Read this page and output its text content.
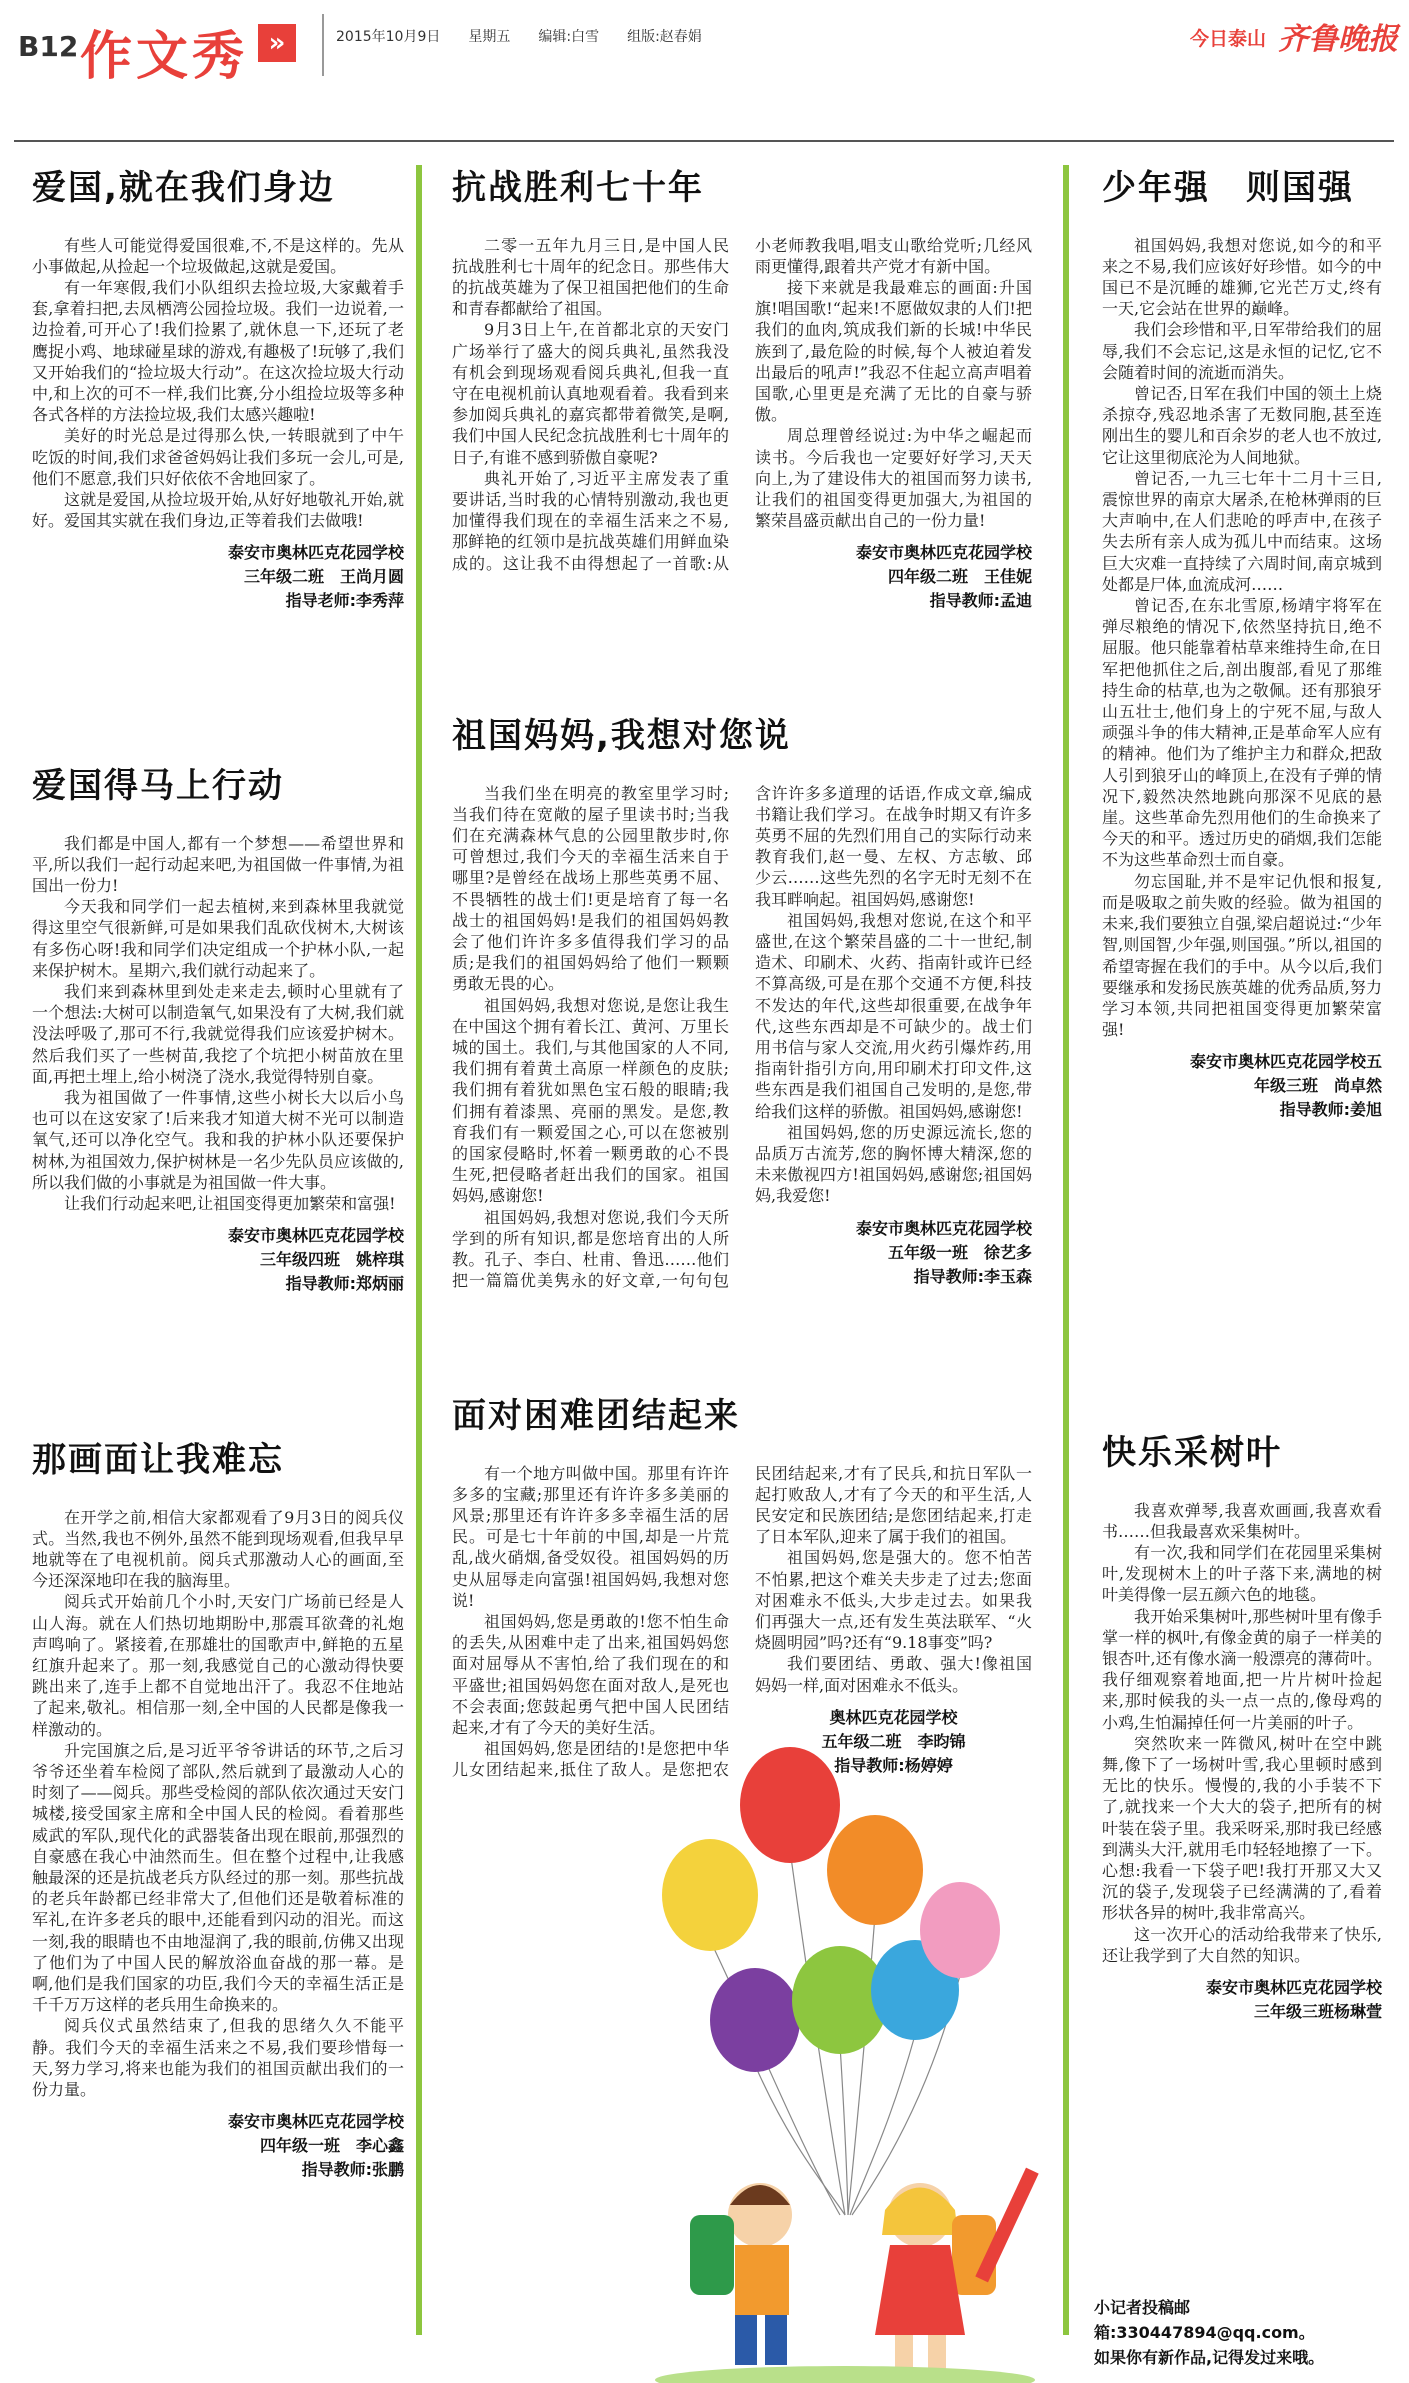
B12 作文秀 »	2015年10月9日　　 星期五　　 编辑:白雪　　 组版:赵春娟	今日泰山 齐鲁晚报
爱国,就在我们身边

有些人可能觉得爱国很难,不,不是这样的。先从小事做起,从捡起一个垃圾做起,这就是爱国。

有一年寒假,我们小队组织去捡垃圾,大家戴着手套,拿着扫把,去凤栖湾公园捡垃圾。我们一边说着,一边捡着,可开心了!我们捡累了,就休息一下,还玩了老鹰捉小鸡、地球碰星球的游戏,有趣极了!玩够了,我们又开始我们的“捡垃圾大行动”。在这次捡垃圾大行动中,和上次的可不一样,我们比赛,分小组捡垃圾等多种各式各样的方法捡垃圾,我们太感兴趣啦!

美好的时光总是过得那么快,一转眼就到了中午吃饭的时间,我们求爸爸妈妈让我们多玩一会儿,可是,他们不愿意,我们只好依依不舍地回家了。

这就是爱国,从捡垃圾开始,从好好地敬礼开始,就好。爱国其实就在我们身边,正等着我们去做哦!

泰安市奥林匹克花园学校
三年级二班　王尚月圆
指导老师:李秀萍
爱国得马上行动

我们都是中国人,都有一个梦想——希望世界和平,所以我们一起行动起来吧,为祖国做一件事情,为祖国出一份力!

今天我和同学们一起去植树,来到森林里我就觉得这里空气很新鲜,可是如果我们乱砍伐树木,大树该有多伤心呀!我和同学们决定组成一个护林小队,一起来保护树木。星期六,我们就行动起来了。

我们来到森林里到处走来走去,顿时心里就有了一个想法:大树可以制造氧气,如果没有了大树,我们就没法呼吸了,那可不行,我就觉得我们应该爱护树木。然后我们买了一些树苗,我挖了个坑把小树苗放在里面,再把土埋上,给小树浇了浇水,我觉得特别自豪。

我为祖国做了一件事情,这些小树长大以后小鸟也可以在这安家了!后来我才知道大树不光可以制造氧气,还可以净化空气。我和我的护林小队还要保护树林,为祖国效力,保护树林是一名少先队员应该做的,所以我们做的小事就是为祖国做一件大事。

让我们行动起来吧,让祖国变得更加繁荣和富强!

泰安市奥林匹克花园学校
三年级四班　姚梓琪
指导教师:郑炳丽
那画面让我难忘

在开学之前,相信大家都观看了9月3日的阅兵仪式。当然,我也不例外,虽然不能到现场观看,但我早早地就等在了电视机前。阅兵式那激动人心的画面,至今还深深地印在我的脑海里。

阅兵式开始前几个小时,天安门广场前已经是人山人海。就在人们热切地期盼中,那震耳欲聋的礼炮声鸣响了。紧接着,在那雄壮的国歌声中,鲜艳的五星红旗升起来了。那一刻,我感觉自己的心激动得快要跳出来了,连手上都不自觉地出汗了。我忍不住地站了起来,敬礼。相信那一刻,全中国的人民都是像我一样激动的。

升完国旗之后,是习近平爷爷讲话的环节,之后习爷爷还坐着车检阅了部队,然后就到了最激动人心的时刻了——阅兵。那些受检阅的部队依次通过天安门城楼,接受国家主席和全中国人民的检阅。看着那些威武的军队,现代化的武器装备出现在眼前,那强烈的自豪感在我心中油然而生。但在整个过程中,让我感触最深的还是抗战老兵方队经过的那一刻。那些抗战的老兵年龄都已经非常大了,但他们还是敬着标准的军礼,在许多老兵的眼中,还能看到闪动的泪光。而这一刻,我的眼睛也不由地湿润了,我的眼前,仿佛又出现了他们为了中国人民的解放浴血奋战的那一幕。是啊,他们是我们国家的功臣,我们今天的幸福生活正是千千万万这样的老兵用生命换来的。

阅兵仪式虽然结束了,但我的思绪久久不能平静。我们今天的幸福生活来之不易,我们要珍惜每一天,努力学习,将来也能为我们的祖国贡献出我们的一份力量。

泰安市奥林匹克花园学校
四年级一班　李心鑫
指导教师:张鹏
抗战胜利七十年

二零一五年九月三日,是中国人民抗战胜利七十周年的纪念日。那些伟大的抗战英雄为了保卫祖国把他们的生命和青春都献给了祖国。

9月3日上午,在首都北京的天安门广场举行了盛大的阅兵典礼,虽然我没有机会到现场观看阅兵典礼,但我一直守在电视机前认真地观看着。我看到来参加阅兵典礼的嘉宾都带着微笑,是啊,我们中国人民纪念抗战胜利七十周年的日子,有谁不感到骄傲自豪呢?

典礼开始了,习近平主席发表了重要讲话,当时我的心情特别激动,我也更加懂得我们现在的幸福生活来之不易,那鲜艳的红领巾是抗战英雄们用鲜血染成的。这让我不由得想起了一首歌:从小老师教我唱,唱支山歌给党听;几经风雨更懂得,跟着共产党才有新中国。

接下来就是我最难忘的画面:升国旗!唱国歌!“起来!不愿做奴隶的人们!把我们的血肉,筑成我们新的长城!中华民族到了,最危险的时候,每个人被迫着发出最后的吼声!”我忍不住起立高声唱着国歌,心里更是充满了无比的自豪与骄傲。

周总理曾经说过:为中华之崛起而读书。今后我也一定要好好学习,天天向上,为了建设伟大的祖国而努力读书,让我们的祖国变得更加强大,为祖国的繁荣昌盛贡献出自己的一份力量!

泰安市奥林匹克花园学校
四年级二班　王佳妮
指导教师:孟迪
祖国妈妈,我想对您说

当我们坐在明亮的教室里学习时;当我们待在宽敞的屋子里读书时;当我们在充满森林气息的公园里散步时,你可曾想过,我们今天的幸福生活来自于哪里?是曾经在战场上那些英勇不屈、不畏牺牲的战士们!更是培育了每一名战士的祖国妈妈!是我们的祖国妈妈教会了他们许许多多值得我们学习的品质;是我们的祖国妈妈给了他们一颗颗勇敢无畏的心。

祖国妈妈,我想对您说,是您让我生在中国这个拥有着长江、黄河、万里长城的国土。我们,与其他国家的人不同,我们拥有着黄土高原一样颜色的皮肤;我们拥有着犹如黑色宝石般的眼睛;我们拥有着漆黑、亮丽的黑发。是您,教育我们有一颗爱国之心,可以在您被别的国家侵略时,怀着一颗勇敢的心不畏生死,把侵略者赶出我们的国家。祖国妈妈,感谢您!

祖国妈妈,我想对您说,我们今天所学到的所有知识,都是您培育出的人所教。孔子、李白、杜甫、鲁迅……他们把一篇篇优美隽永的好文章,一句句包含许许多多道理的话语,作成文章,编成书籍让我们学习。在战争时期又有许多英勇不屈的先烈们用自己的实际行动来教育我们,赵一曼、左权、方志敏、邱少云……这些先烈的名字无时无刻不在我耳畔响起。祖国妈妈,感谢您!

祖国妈妈,我想对您说,在这个和平盛世,在这个繁荣昌盛的二十一世纪,制造术、印刷术、火药、指南针或许已经不算高级,可是在那个交通不方便,科技不发达的年代,这些却很重要,在战争年代,这些东西却是不可缺少的。战士们用书信与家人交流,用火药引爆炸药,用指南针指引方向,用印刷术打印文件,这些东西是我们祖国自己发明的,是您,带给我们这样的骄傲。祖国妈妈,感谢您!

祖国妈妈,您的历史源远流长,您的品质万古流芳,您的胸怀博大精深,您的未来傲视四方!祖国妈妈,感谢您;祖国妈妈,我爱您!

泰安市奥林匹克花园学校
五年级一班　徐艺多
指导教师:李玉森
面对困难团结起来

有一个地方叫做中国。那里有许许多多的宝藏;那里还有许许多多美丽的风景;那里还有许许多多幸福生活的居民。可是七十年前的中国,却是一片荒乱,战火硝烟,备受奴役。祖国妈妈的历史从屈辱走向富强!祖国妈妈,我想对您说!

祖国妈妈,您是勇敢的!您不怕生命的丢失,从困难中走了出来,祖国妈妈您面对屈辱从不害怕,给了我们现在的和平盛世;祖国妈妈您在面对敌人,是死也不会表面;您鼓起勇气把中国人民团结起来,才有了今天的美好生活。

祖国妈妈,您是团结的!是您把中华儿女团结起来,抵住了敌人。是您把农民团结起来,才有了民兵,和抗日军队一起打败敌人,才有了今天的和平生活,人民安定和民族团结;是您团结起来,打走了日本军队,迎来了属于我们的祖国。

祖国妈妈,您是强大的。您不怕苦不怕累,把这个难关夫步走了过去;您面对困难永不低头,大步走过去。如果我们再强大一点,还有发生英法联军、“火烧圆明园”吗?还有“9.18事变”吗?

我们要团结、勇敢、强大!像祖国妈妈一样,面对困难永不低头。

奥林匹克花园学校
五年级二班　李昀锦
指导教师:杨婷婷
少年强　则国强

祖国妈妈,我想对您说,如今的和平来之不易,我们应该好好珍惜。如今的中国已不是沉睡的雄狮,它光芒万丈,终有一天,它会站在世界的巅峰。

我们会珍惜和平,日军带给我们的屈辱,我们不会忘记,这是永恒的记忆,它不会随着时间的流逝而消失。

曾记否,日军在我们中国的领土上烧杀掠夺,残忍地杀害了无数同胞,甚至连刚出生的婴儿和百余岁的老人也不放过,它让这里彻底沦为人间地狱。

曾记否,一九三七年十二月十三日,震惊世界的南京大屠杀,在枪林弹雨的巨大声响中,在人们悲呛的呼声中,在孩子失去所有亲人成为孤儿中而结束。这场巨大灾难一直持续了六周时间,南京城到处都是尸体,血流成河……

曾记否,在东北雪原,杨靖宇将军在弹尽粮绝的情况下,依然坚持抗日,绝不屈服。他只能靠着枯草来维持生命,在日军把他抓住之后,剖出腹部,看见了那维持生命的枯草,也为之敬佩。还有那狼牙山五壮士,他们身上的宁死不屈,与敌人顽强斗争的伟大精神,正是革命军人应有的精神。他们为了维护主力和群众,把敌人引到狼牙山的峰顶上,在没有子弹的情况下,毅然决然地跳向那深不见底的悬崖。这些革命先烈用他们的生命换来了今天的和平。透过历史的硝烟,我们怎能不为这些革命烈士而自豪。

勿忘国耻,并不是牢记仇恨和报复,而是吸取之前失败的经验。做为祖国的未来,我们要独立自强,梁启超说过:“少年智,则国智,少年强,则国强。”所以,祖国的希望寄握在我们的手中。从今以后,我们要继承和发扬民族英雄的优秀品质,努力学习本领,共同把祖国变得更加繁荣富强!

泰安市奥林匹克花园学校五
年级三班　尚卓然
指导教师:姜旭
快乐采树叶

我喜欢弹琴,我喜欢画画,我喜欢看书……但我最喜欢采集树叶。

有一次,我和同学们在花园里采集树叶,发现树木上的叶子落下来,满地的树叶美得像一层五颜六色的地毯。

我开始采集树叶,那些树叶里有像手掌一样的枫叶,有像金黄的扇子一样美的银杏叶,还有像水滴一般漂亮的薄荷叶。我仔细观察着地面,把一片片树叶捡起来,那时候我的头一点一点的,像母鸡的小鸡,生怕漏掉任何一片美丽的叶子。

突然吹来一阵微风,树叶在空中跳舞,像下了一场树叶雪,我心里顿时感到无比的快乐。慢慢的,我的小手装不下了,就找来一个大大的袋子,把所有的树叶装在袋子里。我采呀采,那时我已经感到满头大汗,就用毛巾轻轻地擦了一下。心想:我看一下袋子吧!我打开那又大又沉的袋子,发现袋子已经满满的了,看着形状各异的树叶,我非常高兴。

这一次开心的活动给我带来了快乐,还让我学到了大自然的知识。

泰安市奥林匹克花园学校
三年级三班杨琳萱
小记者投稿邮箱:330447894@qq.com。
如果你有新作品,记得发过来哦。
